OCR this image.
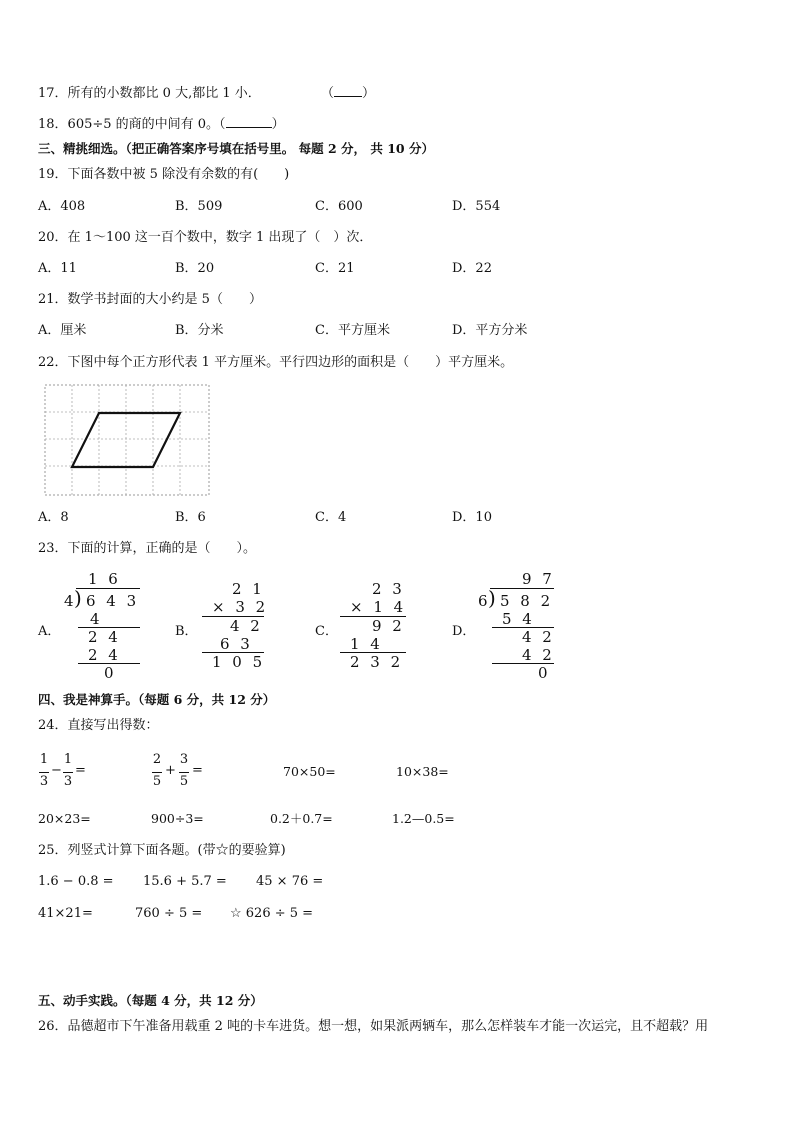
17．所有的小数都比 0 大,都比 1 小．	（ ）
18．605÷5 的商的中间有 0。（	）
三、精挑细选。（把正确答案序号填在括号里。 每题 2 分， 共 10 分）
19．下面各数中被 5 除没有余数的有(　　)
A．408	B．509	C．600	D．554
20．在 1～100 这一百个数中，数字 1 出现了（　）次．
A．11	B．20	C．21	D．22
21．数学书封面的大小约是 5（　　）
A．厘米	B．分米	C．平方厘米	D．平方分米
22．下图中每个正方形代表 1 平方厘米。平行四边形的面积是（　　）平方厘米。
A．8	B．6	C．4	D．10
23．下面的计算，正确的是（　　）。
A．
1 6
4
) 6 4 3
4
2 4
2 4
0
B．
2 1
× 3 2
4 2
6 3
1 0 5
C．
2 3
× 1 4
9 2
1 4
2 3 2
D．
9 7
6
) 5 8 2
5 4
4 2
4 2
0
四、我是神算手。（每题 6 分，共 12 分）
24．直接写出得数：
1
3
−
1
3
=
2
5
+
3
5
=	70×50=	10×38=
20×23=	900÷3=	0.2＋0.7=	1.2—0.5=
25．列竖式计算下面各题。(带☆的要验算)
1.6 − 0.8 = 15.6 + 5.7 = 45 × 76 =
41×21=	760 ÷ 5 = ☆ 626 ÷ 5 =
五、动手实践。（每题 4 分，共 12 分）
26．品德超市下午准备用载重 2 吨的卡车进货。想一想，如果派两辆车，那么怎样装车才能一次运完，且不超载？用
